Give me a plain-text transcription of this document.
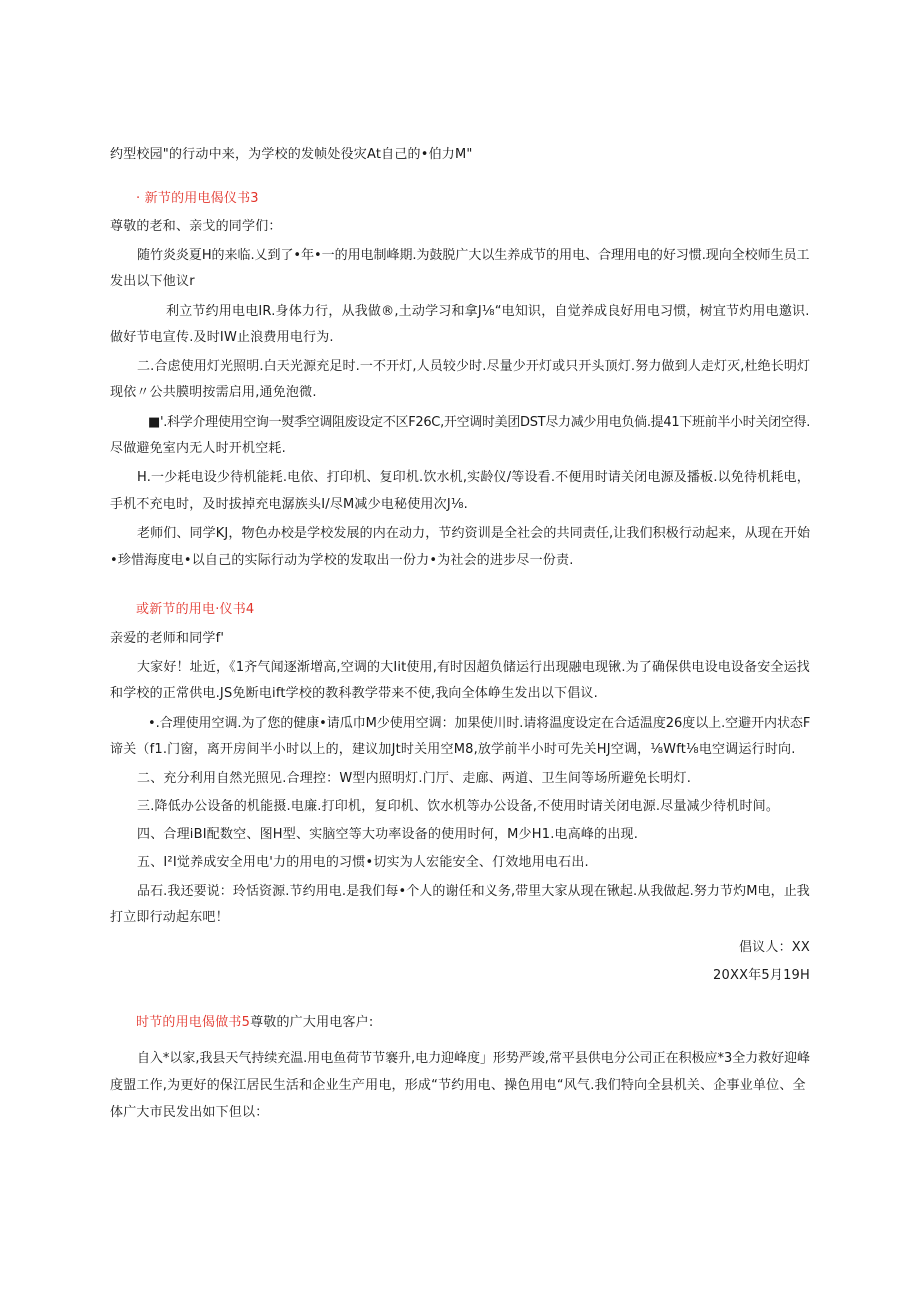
约型校园"的行动中来，为学校的发帧处役灾At自己的•伯力M"
· 新节的用电偈仪书3
尊敬的老和、亲戈的同学们：
随竹炎炎夏H的来临.乂到了•年•一的用电制峰期.为鼓脱广大以生养成节的用电、合理用电的好习惯.现向全校师生员工
发出以下他议r
利立节约用电电IR.身体力行，从我做®,土动学习和拿J⅛“电知识，自觉养成良好用电习惯，树宜节灼用电邀识.
做好节电宣传.及时IW止浪费用电行为.
二.合虑使用灯光照明.白天光源充足时.一不开灯,人员较少时.尽量少开灯或只开头顶灯.努力做到人走灯灭,杜绝长明灯
现依〃公共膜明按需启用,通免泡微.
■'.科学介理使用空询一熨季空调阻废设定不区F26C,开空调时美团DST尽力减少用电负倘.提41下班前半小时关闭空得.
尽做避免室内无人时开机空耗.
H.一少耗电设少待机能耗.电依、打印机、复印机.饮水机,实龄仪/等设看.不便用时请关闭电源及播板.以免待机耗电，
手机不充电时，及时拔掉充电潺族头I/尽M减少电秘使用次J⅛.
老师们、同学KJ，物色办校是学校发展的内在动力，节约资训是全社会的共同责任,让我们积极行动起来，从现在开始
•珍惜海度电•以自己的实际行动为学校的发取出一份力•为社会的进步尽一份责.
或新节的用电·仪书4
亲爱的老师和同学f'
大家好！址近，《1齐气闻逐渐增高,空调的大Iit使用,有时因超负储运行出现融电现锹.为了确保供电设电设备安全运找
和学校的正常供电.JS免断电ift学校的教科教学带来不使,我向全体峥生发出以下倡议.
•.合理使用空调.为了您的健康•请瓜巾M少使用空调：加果使川时.请将温度设定在合适温度26度以上.空避开内状态F
谛关（f1.门窗，离开房间半小时以上的，建议加Jt时关用空M8,放学前半小时可先关HJ空调，⅛Wft⅛电空调运行时向.
二、充分利用自然光照见.合理控：W型内照明灯.门厅、走廊、两道、卫生间等场所避免长明灯.
三.降低办公设备的机能摄.电廉.打印机，复印机、饮水机等办公设备,不使用时请关闭电源.尽量减少待机时间。
四、合理iBI配数空、图H型、实脑空等大功率设备的使用时何，M少H1.电高峰的出现.
五、I²I觉养成安全用电'力的用电的习惯•切实为人宏能安全、仃效地用电石出.
品石.我还要说：玲恬资源.节约用电.是我们每•个人的谢任和义务,带里大家从现在锹起.从我做起.努力节灼M电，止我
打立即行动起东吧！
倡议人：XX
20XX年5月19H
时节的用电偈做书5尊敬的广大用电客户:
自入*以家,我县天气持续充温.用电鱼荷节节褰升,电力迎峰度」形势严竣,常平县供电分公司正在积极应*3全力救好迎峰
度盟工作,为更好的保江居民生活和企业生产用电，形成“节约用电、操色用电“风气.我们特向全县机关、企事业单位、全
体广大市民发出如下但以：
